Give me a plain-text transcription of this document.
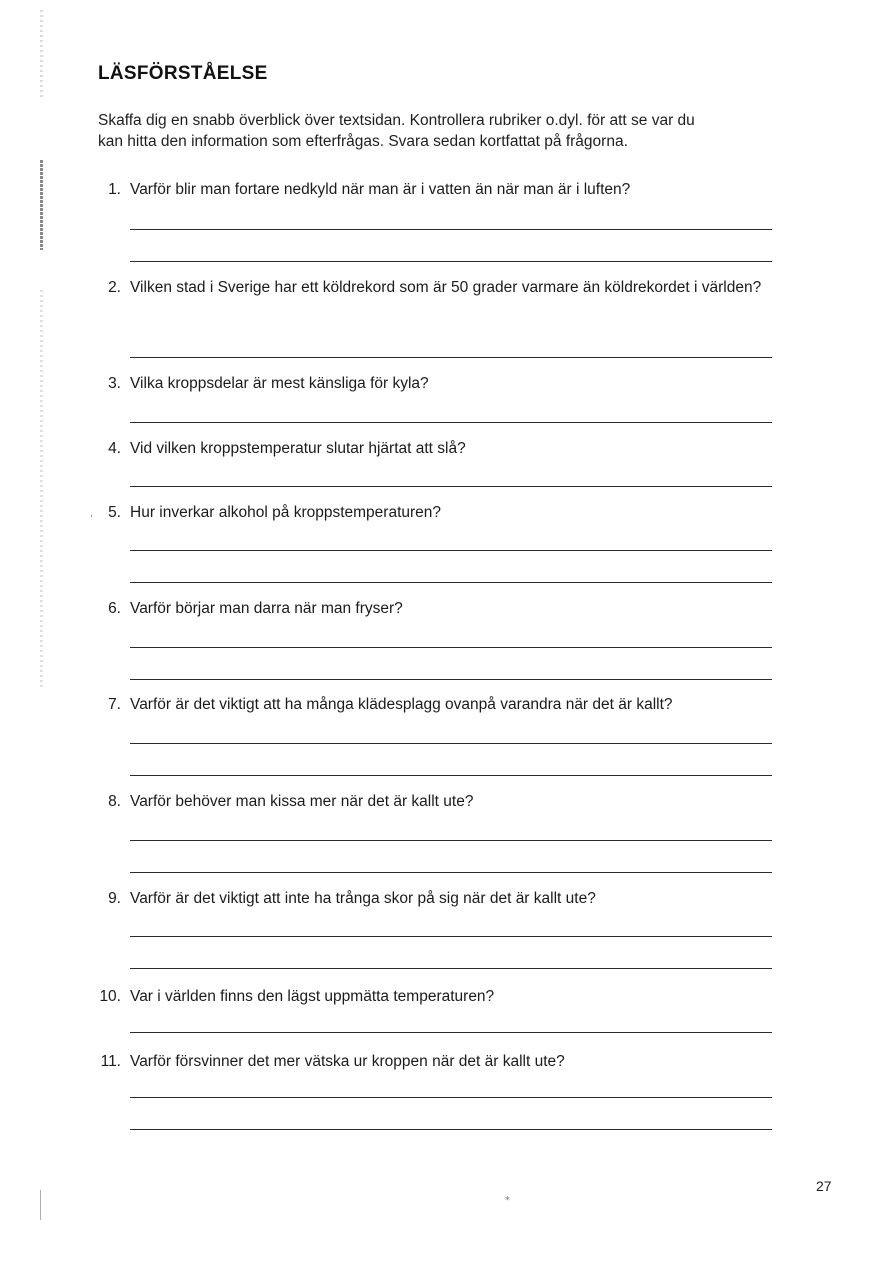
LÄSFÖRSTÅELSE

Skaffa dig en snabb överblick över textsidan. Kontrollera rubriker o.dyl. för att se var du

kan hitta den information som efterfrågas. Svara sedan kortfattat på frågorna.

1. Varför blir man fortare nedkyld när man är i vatten än när man är i luften?
2. Vilken stad i Sverige har ett köldrekord som är 50 grader varmare än köldrekordet i världen?
3. Vilka kroppsdelar är mest känsliga för kyla?
4. Vid vilken kroppstemperatur slutar hjärtat att slå?
5. Hur inverkar alkohol på kroppstemperaturen?
6. Varför börjar man darra när man fryser?
7. Varför är det viktigt att ha många klädesplagg ovanpå varandra när det är kallt?
8. Varför behöver man kissa mer när det är kallt ute?
9. Varför är det viktigt att inte ha trånga skor på sig när det är kallt ute?
10. Var i världen finns den lägst uppmätta temperaturen?
11. Varför försvinner det mer vätska ur kroppen när det är kallt ute?
27
⁎
,
